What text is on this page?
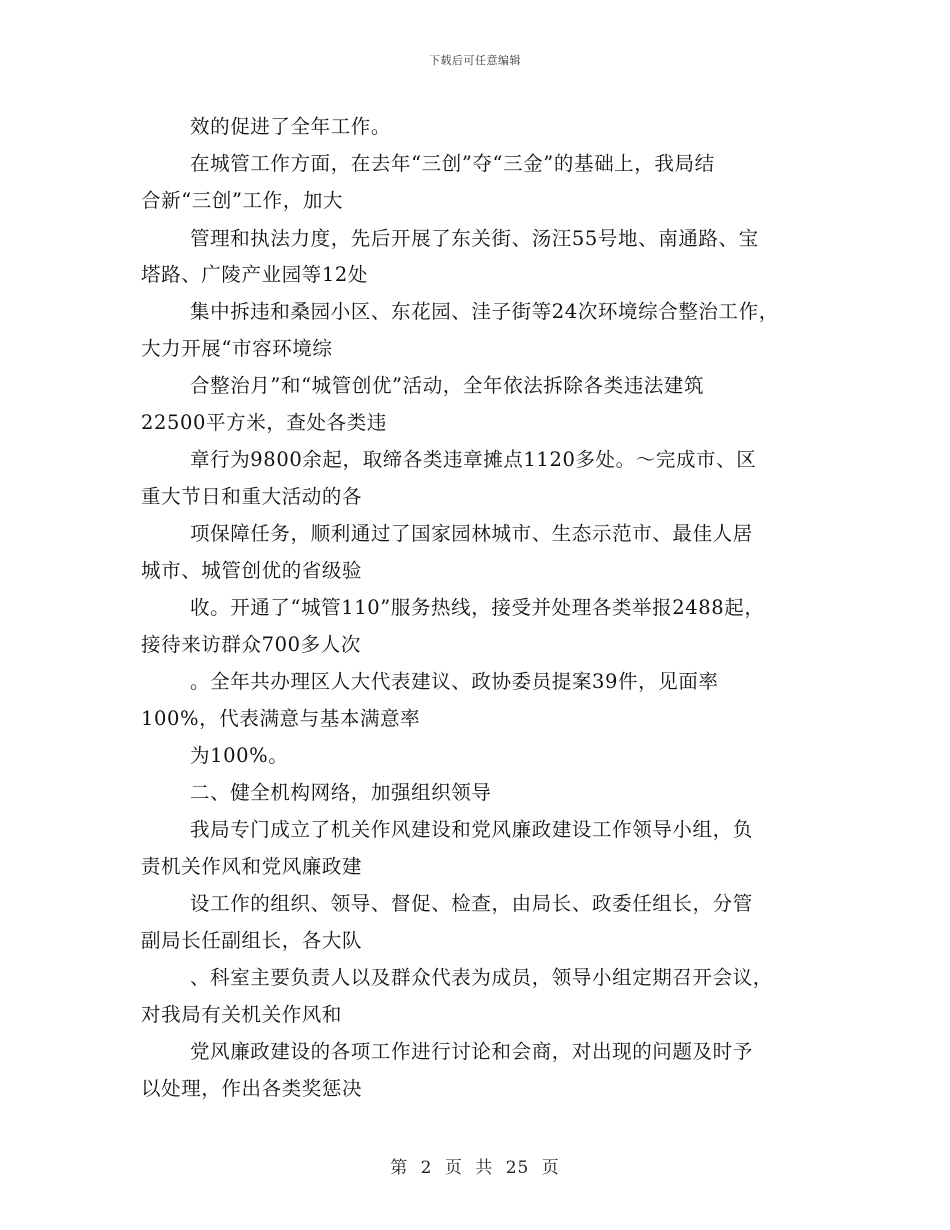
下载后可任意编辑
效的促进了全年工作。
在城管工作方面，在去年“三创”夺“三金”的基础上，我局结
合新“三创”工作，加大
管理和执法力度，先后开展了东关街、汤汪55号地、南通路、宝
塔路、广陵产业园等12处
集中拆违和桑园小区、东花园、洼子街等24次环境综合整治工作，
大力开展“市容环境综
合整治月”和“城管创优”活动，全年依法拆除各类违法建筑
22500平方米，查处各类违
章行为9800余起，取缔各类违章摊点1120多处。～完成市、区
重大节日和重大活动的各
项保障任务，顺利通过了国家园林城市、生态示范市、最佳人居
城市、城管创优的省级验
收。开通了“城管110”服务热线，接受并处理各类举报2488起，
接待来访群众700多人次
。全年共办理区人大代表建议、政协委员提案39件，见面率
100%，代表满意与基本满意率
为100%。
二、健全机构网络，加强组织领导
我局专门成立了机关作风建设和党风廉政建设工作领导小组，负
责机关作风和党风廉政建
设工作的组织、领导、督促、检查，由局长、政委任组长，分管
副局长任副组长，各大队
、科室主要负责人以及群众代表为成员，领导小组定期召开会议，
对我局有关机关作风和
党风廉政建设的各项工作进行讨论和会商，对出现的问题及时予
以处理，作出各类奖惩决
第 2 页 共 25 页
